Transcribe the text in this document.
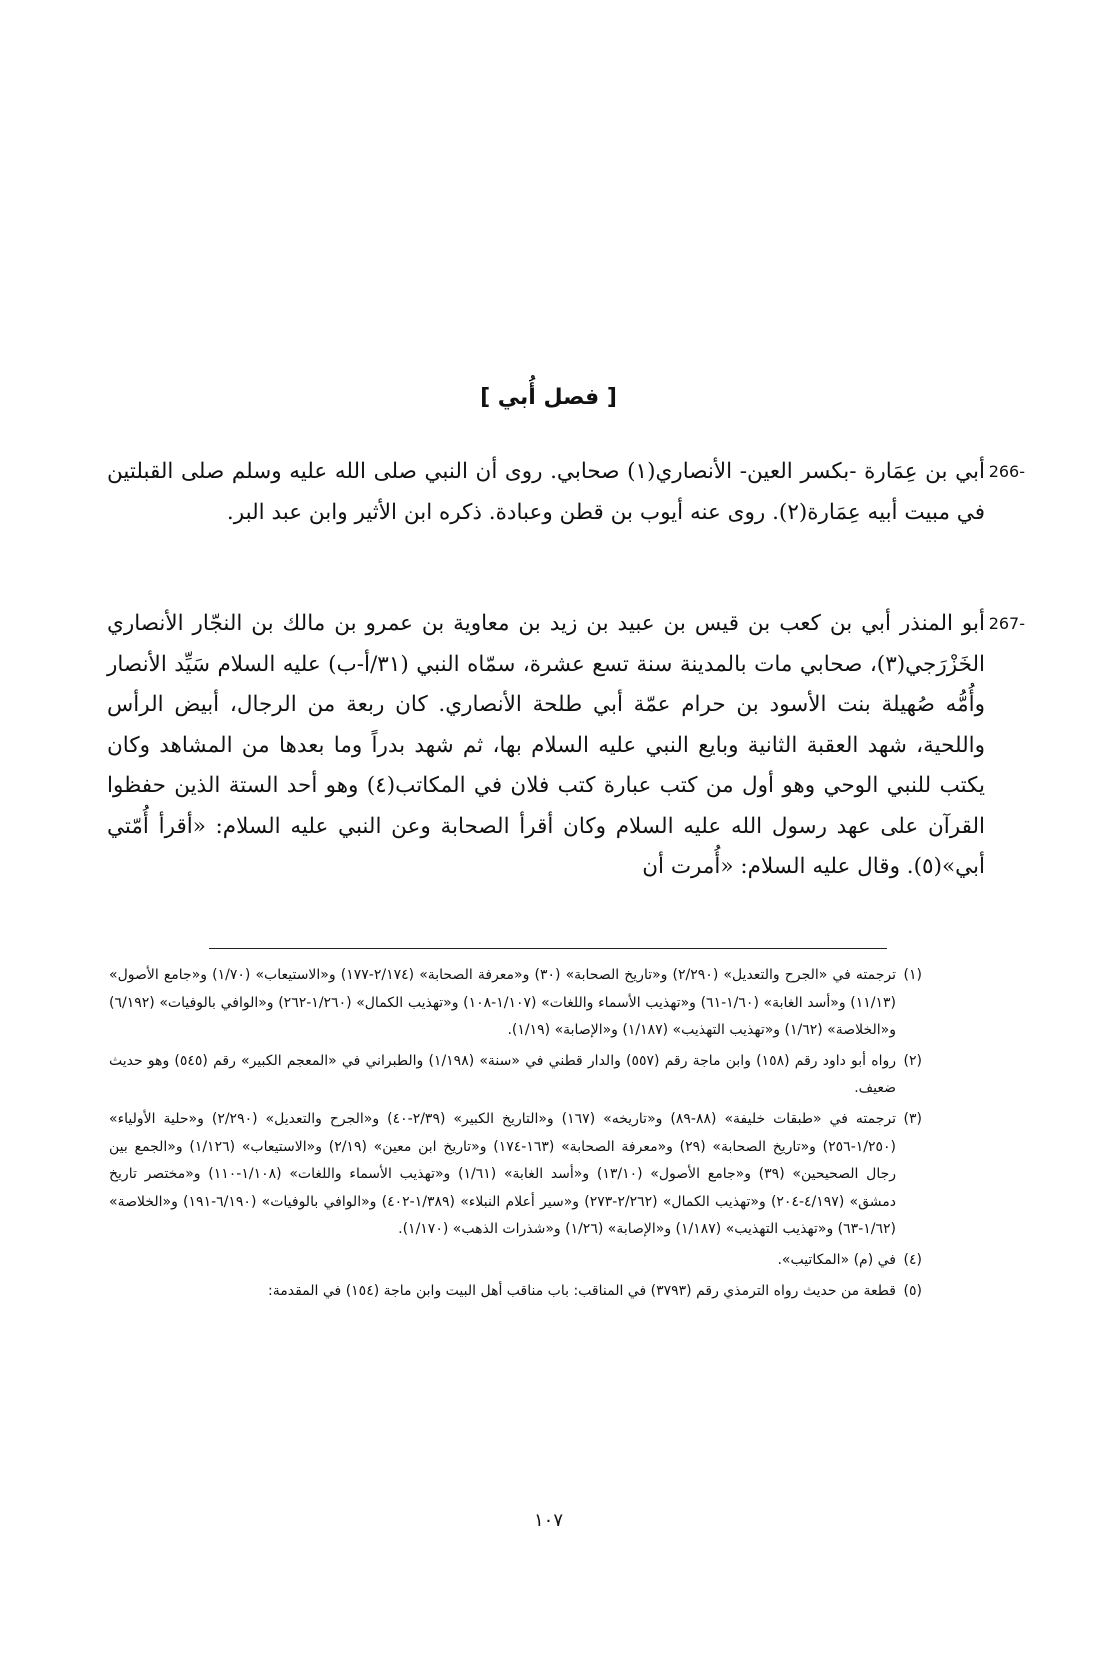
[ فصل أُبي ]
266-

أبي بن عِمَارة -بكسر العين- الأنصاري(١) صحابي. روى أن النبي صلى الله عليه وسلم صلى القبلتين في مبيت أبيه عِمَارة(٢). روى عنه أيوب بن قطن وعبادة. ذكره ابن الأثير وابن عبد البر.

267-

أبو المنذر أبي بن كعب بن قيس بن عبيد بن زيد بن معاوية بن عمرو بن مالك بن النجّار الأنصاري الخَزْرَجي(٣)، صحابي مات بالمدينة سنة تسع عشرة، سمّاه النبي (٣١/أ-ب) عليه السلام سَيِّد الأنصار وأُمُّه صُهيلة بنت الأسود بن حرام عمّة أبي طلحة الأنصاري. كان ربعة من الرجال، أبيض الرأس واللحية، شهد العقبة الثانية وبايع النبي عليه السلام بها، ثم شهد بدراً وما بعدها من المشاهد وكان يكتب للنبي الوحي وهو أول من كتب عبارة كتب فلان في المكاتب(٤) وهو أحد الستة الذين حفظوا القرآن على عهد رسول الله عليه السلام وكان أقرأ الصحابة وعن النبي عليه السلام: «أقرأ أُمّتي أبي»(٥). وقال عليه السلام: «أُمرت أن

(١)
ترجمته في «الجرح والتعديل» (٢/٢٩٠) و«تاريخ الصحابة» (٣٠) و«معرفة الصحابة» (٢/١٧٤-١٧٧) و«الاستيعاب» (١/٧٠) و«جامع الأصول» (١١/١٣) و«أسد الغابة» (١/٦٠-٦١) و«تهذيب الأسماء واللغات» (١/١٠٧-١٠٨) و«تهذيب الكمال» (١/٢٦٠-٢٦٢) و«الوافي بالوفيات» (٦/١٩٢) و«الخلاصة» (١/٦٢) و«تهذيب التهذيب» (١/١٨٧) و«الإصابة» (١/١٩).

(٢)
رواه أبو داود رقم (١٥٨) وابن ماجة رقم (٥٥٧) والدار قطني في «سنة» (١/١٩٨) والطبراني في «المعجم الكبير» رقم (٥٤٥) وهو حديث ضعيف.

(٣)
ترجمته في «طبقات خليفة» (٨٨-٨٩) و«تاريخه» (١٦٧) و«التاريخ الكبير» (٢/٣٩-٤٠) و«الجرح والتعديل» (٢/٢٩٠) و«حلية الأولياء» (١/٢٥٠-٢٥٦) و«تاريخ الصحابة» (٢٩) و«معرفة الصحابة» (١٦٣-١٧٤) و«تاريخ ابن معين» (٢/١٩) و«الاستيعاب» (١/١٢٦) و«الجمع بين رجال الصحيحين» (٣٩) و«جامع الأصول» (١٣/١٠) و«أسد الغابة» (١/٦١) و«تهذيب الأسماء واللغات» (١/١٠٨-١١٠) و«مختصر تاريخ دمشق» (٤/١٩٧-٢٠٤) و«تهذيب الكمال» (٢/٢٦٢-٢٧٣) و«سير أعلام النبلاء» (١/٣٨٩-٤٠٢) و«الوافي بالوفيات» (٦/١٩٠-١٩١) و«الخلاصة» (١/٦٢-٦٣) و«تهذيب التهذيب» (١/١٨٧) و«الإصابة» (١/٢٦) و«شذرات الذهب» (١/١٧٠).

(٤)
في (م) «المكاتيب».

(٥)
قطعة من حديث رواه الترمذي رقم (٣٧٩٣) في المناقب: باب مناقب أهل البيت وابن ماجة (١٥٤) في المقدمة:

١٠٧
